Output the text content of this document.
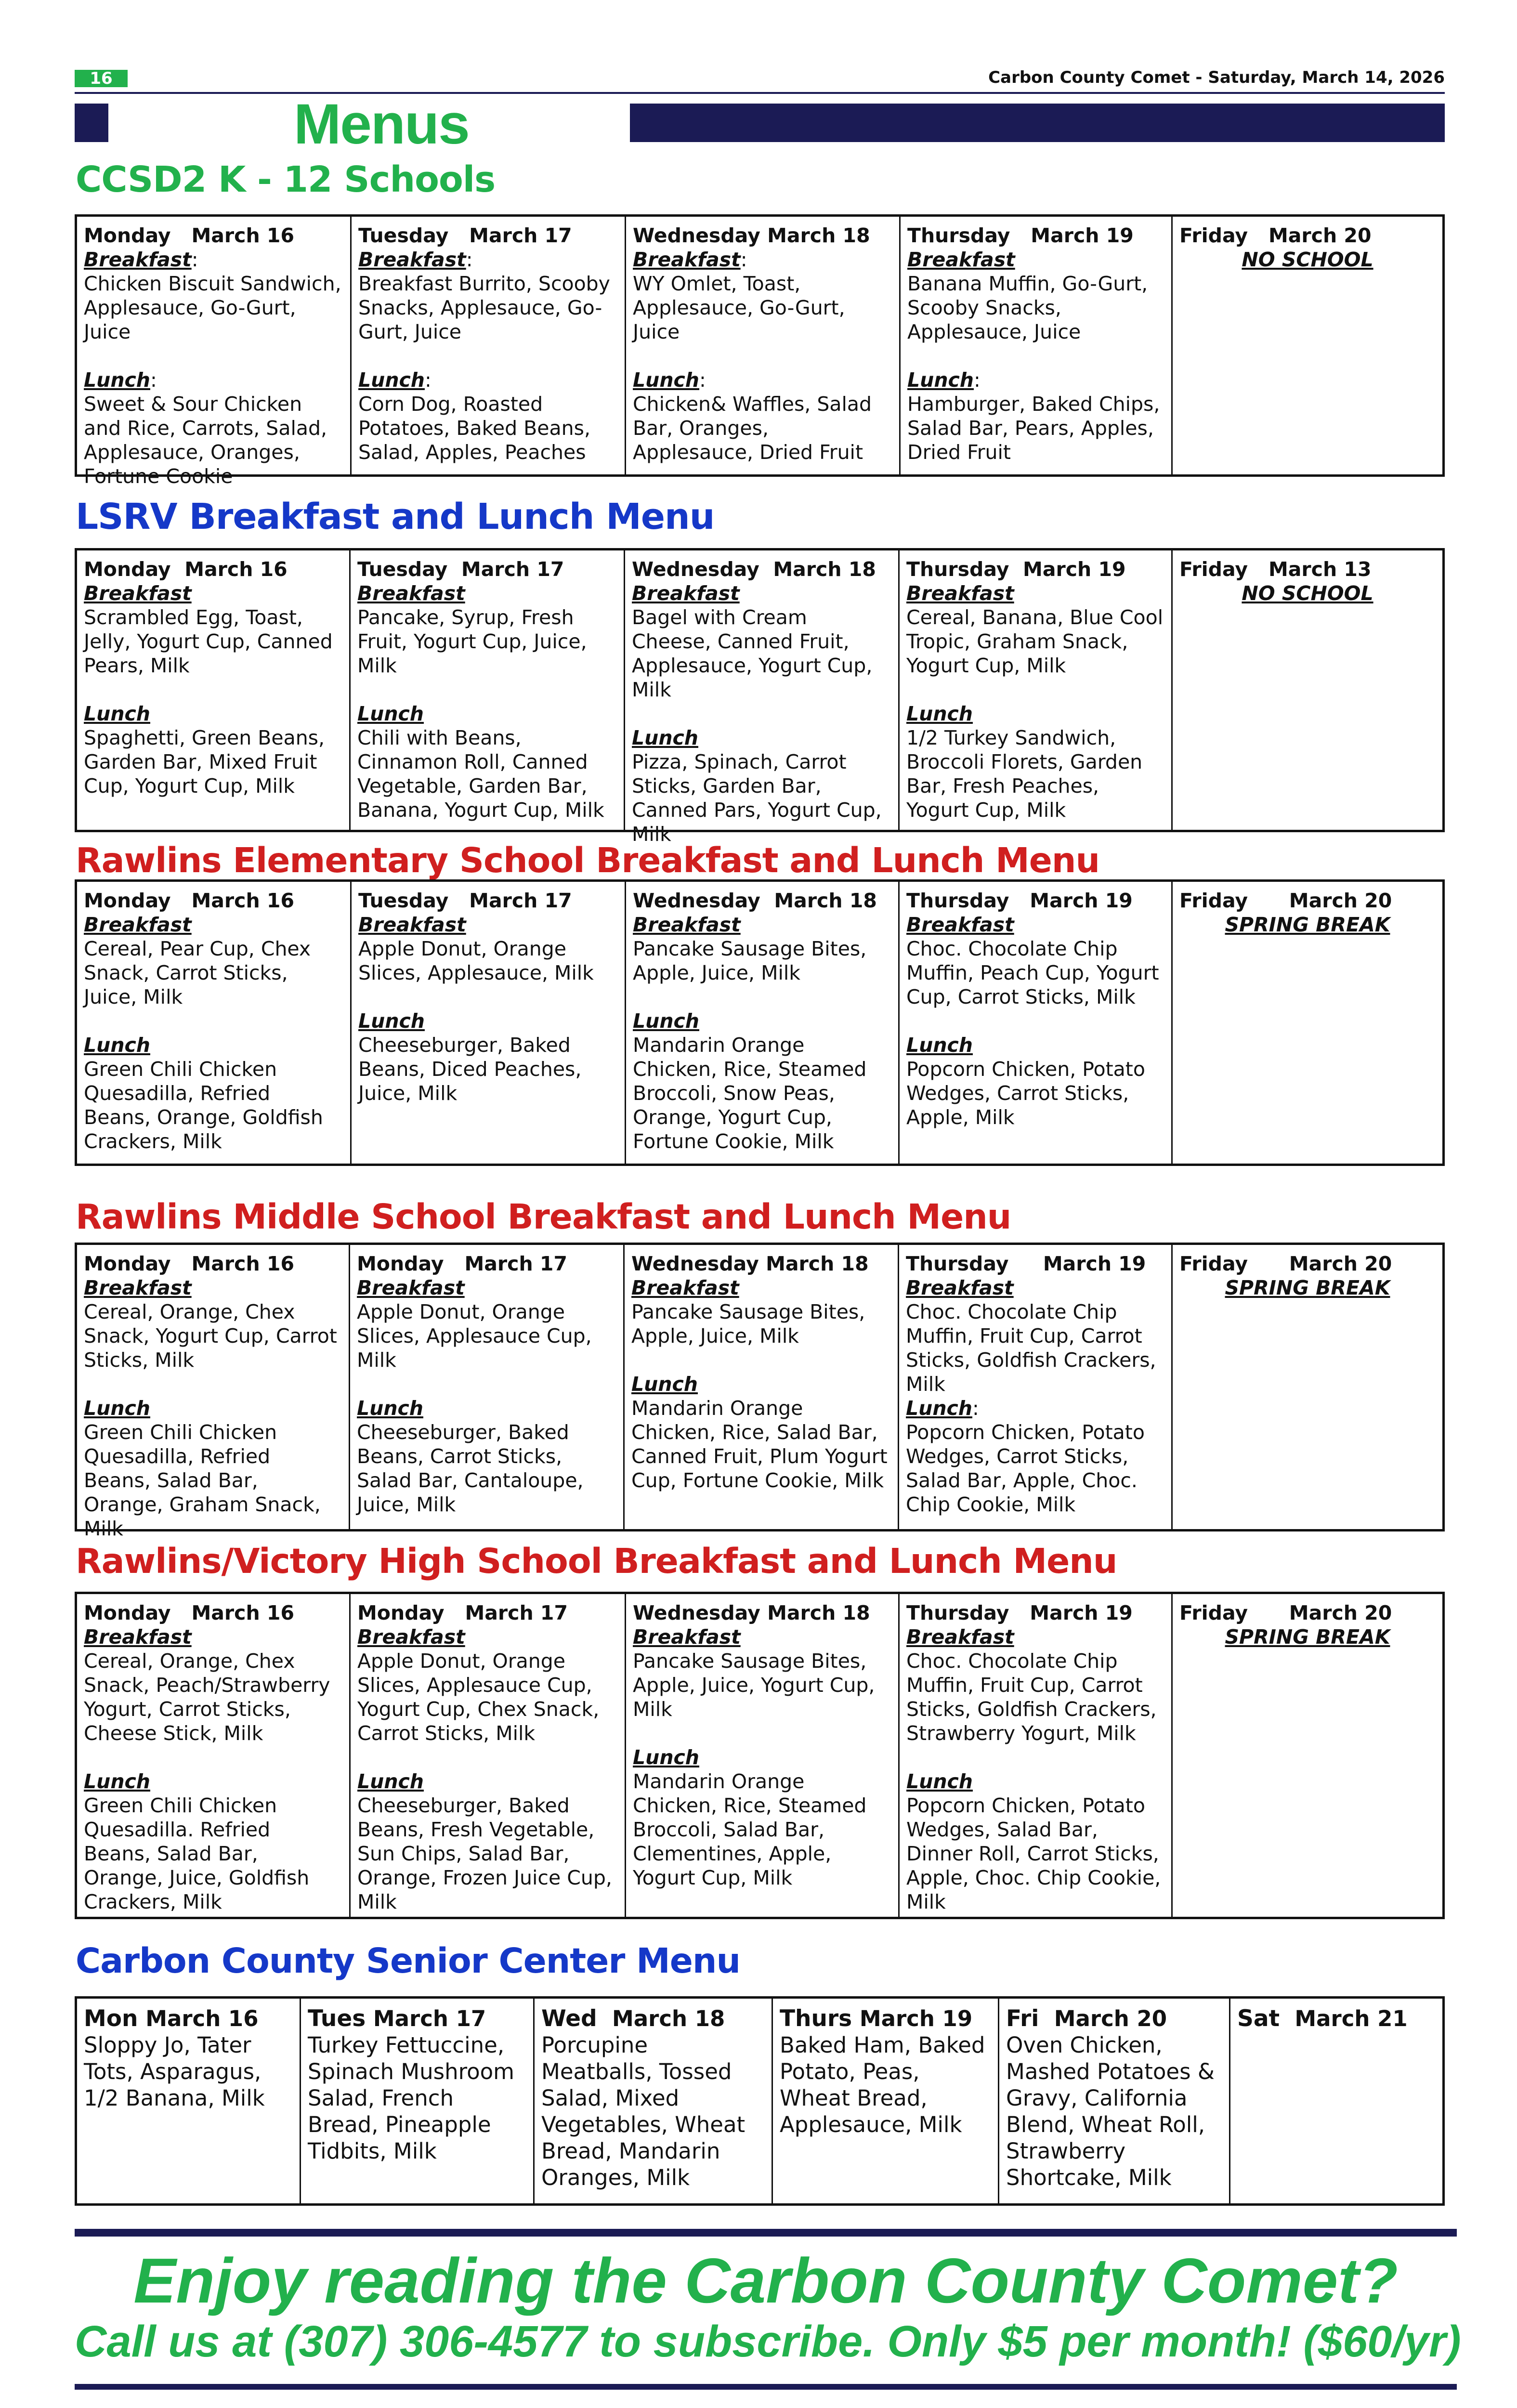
16	Carbon County Comet - Saturday, March 14, 2026
Menus
CCSD2 K - 12 Schools
Monday March 16
Breakfast:
Chicken Biscuit Sandwich, Applesauce, Go-Gurt, Juice
Lunch:
Sweet & Sour Chicken and Rice, Carrots, Salad, Applesauce, Oranges, Fortune Cookie
Tuesday March 17
Breakfast:
Breakfast Burrito, Scooby Snacks, Applesauce, Go-Gurt, Juice
Lunch:
Corn Dog, Roasted Potatoes, Baked Beans, Salad, Apples, Peaches
Wednesday March 18
Breakfast:
WY Omlet, Toast, Applesauce, Go-Gurt, Juice
Lunch:
Chicken& Waffles, Salad Bar, Oranges, Applesauce, Dried Fruit
Thursday March 19
Breakfast
Banana Muffin, Go-Gurt, Scooby Snacks, Applesauce, Juice
Lunch:
Hamburger, Baked Chips, Salad Bar, Pears, Apples, Dried Fruit
Friday March 20
NO SCHOOL
LSRV Breakfast and Lunch Menu
Monday March 16
Breakfast
Scrambled Egg, Toast, Jelly, Yogurt Cup, Canned Pears, Milk
Lunch
Spaghetti, Green Beans, Garden Bar, Mixed Fruit Cup, Yogurt Cup, Milk
Tuesday March 17
Breakfast
Pancake, Syrup, Fresh Fruit, Yogurt Cup, Juice, Milk
Lunch
Chili with Beans, Cinnamon Roll, Canned Vegetable, Garden Bar, Banana, Yogurt Cup, Milk
Wednesday March 18
Breakfast
Bagel with Cream Cheese, Canned Fruit, Applesauce, Yogurt Cup, Milk
Lunch
Pizza, Spinach, Carrot Sticks, Garden Bar, Canned Pars, Yogurt Cup, Milk
Thursday March 19
Breakfast
Cereal, Banana, Blue Cool Tropic, Graham Snack, Yogurt Cup, Milk
Lunch
1/2 Turkey Sandwich, Broccoli Florets, Garden Bar, Fresh Peaches, Yogurt Cup, Milk
Friday March 13
NO SCHOOL
Rawlins Elementary School Breakfast and Lunch Menu
Monday March 16
Breakfast
Cereal, Pear Cup, Chex Snack, Carrot Sticks, Juice, Milk
Lunch
Green Chili Chicken Quesadilla, Refried Beans, Orange, Goldfish Crackers, Milk
Tuesday March 17
Breakfast
Apple Donut, Orange Slices, Applesauce, Milk
Lunch
Cheeseburger, Baked Beans, Diced Peaches, Juice, Milk
Wednesday March 18
Breakfast
Pancake Sausage Bites, Apple, Juice, Milk
Lunch
Mandarin Orange Chicken, Rice, Steamed Broccoli, Snow Peas, Orange, Yogurt Cup, Fortune Cookie, Milk
Thursday March 19
Breakfast
Choc. Chocolate Chip Muffin, Peach Cup, Yogurt Cup, Carrot Sticks, Milk
Lunch
Popcorn Chicken, Potato Wedges, Carrot Sticks, Apple, Milk
Friday March 20
SPRING BREAK
Rawlins Middle School Breakfast and Lunch Menu
Monday March 16
Breakfast
Cereal, Orange, Chex Snack, Yogurt Cup, Carrot Sticks, Milk
Lunch
Green Chili Chicken Quesadilla, Refried Beans, Salad Bar, Orange, Graham Snack, Milk
Monday March 17
Breakfast
Apple Donut, Orange Slices, Applesauce Cup, Milk
Lunch
Cheeseburger, Baked Beans, Carrot Sticks, Salad Bar, Cantaloupe, Juice, Milk
Wednesday March 18
Breakfast
Pancake Sausage Bites, Apple, Juice, Milk
Lunch
Mandarin Orange Chicken, Rice, Salad Bar, Canned Fruit, Plum Yogurt Cup, Fortune Cookie, Milk
Thursday March 19
Breakfast
Choc. Chocolate Chip Muffin, Fruit Cup, Carrot Sticks, Goldfish Crackers, Milk
Lunch:
Popcorn Chicken, Potato Wedges, Carrot Sticks, Salad Bar, Apple, Choc. Chip Cookie, Milk
Friday March 20
SPRING BREAK
Rawlins/Victory High School Breakfast and Lunch Menu
Monday March 16
Breakfast
Cereal, Orange, Chex Snack, Peach/Strawberry Yogurt, Carrot Sticks, Cheese Stick, Milk
Lunch
Green Chili Chicken Quesadilla. Refried Beans, Salad Bar, Orange, Juice, Goldfish Crackers, Milk
Monday March 17
Breakfast
Apple Donut, Orange Slices, Applesauce Cup, Yogurt Cup, Chex Snack, Carrot Sticks, Milk
Lunch
Cheeseburger, Baked Beans, Fresh Vegetable, Sun Chips, Salad Bar, Orange, Frozen Juice Cup, Milk
Wednesday March 18
Breakfast
Pancake Sausage Bites, Apple, Juice, Yogurt Cup, Milk
Lunch
Mandarin Orange Chicken, Rice, Steamed Broccoli, Salad Bar, Clementines, Apple, Yogurt Cup, Milk
Thursday March 19
Breakfast
Choc. Chocolate Chip Muffin, Fruit Cup, Carrot Sticks, Goldfish Crackers, Strawberry Yogurt, Milk
Lunch
Popcorn Chicken, Potato Wedges, Salad Bar, Dinner Roll, Carrot Sticks, Apple, Choc. Chip Cookie, Milk
Friday March 20
SPRING BREAK
Carbon County Senior Center Menu
Mon March 16
Sloppy Jo, Tater Tots, Asparagus, 1/2 Banana, Milk
Tues March 17
Turkey Fettuccine, Spinach Mushroom Salad, French Bread, Pineapple Tidbits, Milk
Wed March 18
Porcupine Meatballs, Tossed Salad, Mixed Vegetables, Wheat Bread, Mandarin Oranges, Milk
Thurs March 19
Baked Ham, Baked Potato, Peas, Wheat Bread, Applesauce, Milk
Fri March 20
Oven Chicken, Mashed Potatoes & Gravy, California Blend, Wheat Roll, Strawberry Shortcake, Milk
Sat March 21
Enjoy reading the Carbon County Comet?
Call us at (307) 306-4577 to subscribe. Only $5 per month! ($60/yr)
